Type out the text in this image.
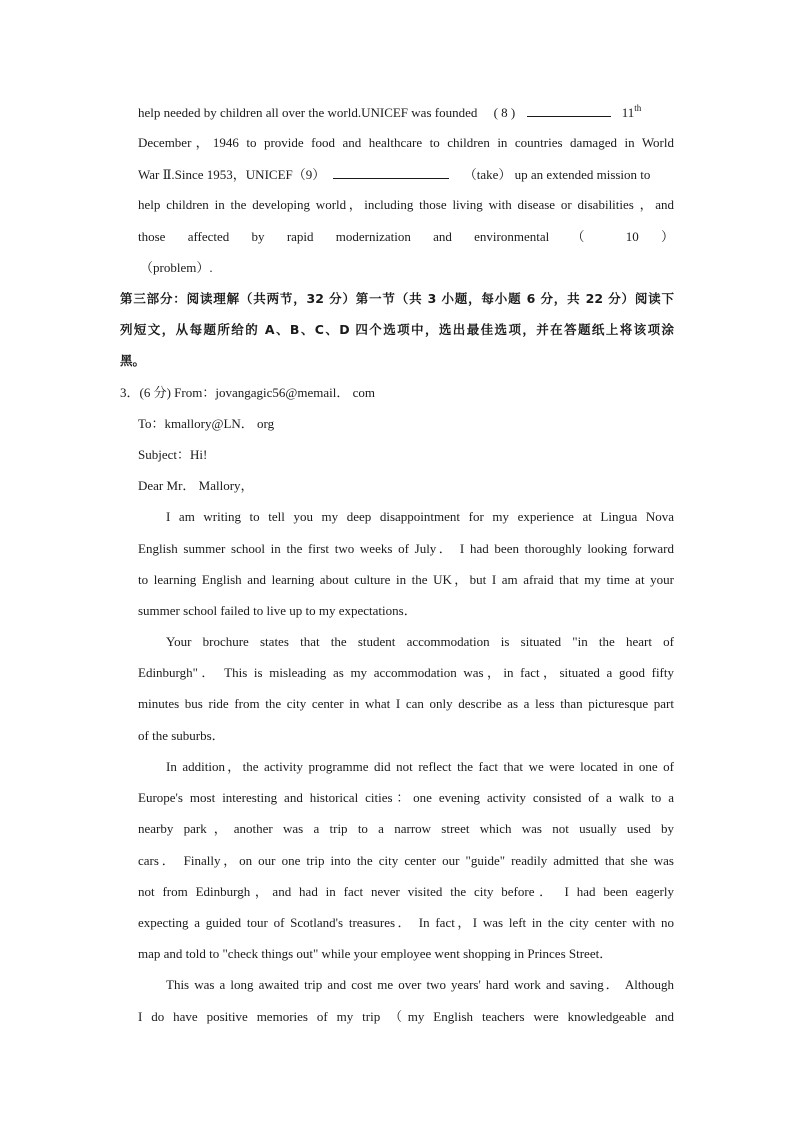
help needed by children all over the world.UNICEF was founded 　( 8 )	11th
December，1946 to provide food and healthcare to children in countries damaged in World
War Ⅱ.Since 1953，UNICEF（9）	（take） up an extended mission to
help children in the developing world，including those living with disease or disabilities ，and
those affected by rapid modernization and environmental （ 10 ）
（problem）.
第三部分：阅读理解（共两节，32 分）第一节（共 3 小题，每小题 6 分，共 22 分）阅读下
列短文，从每题所给的 A、B、C、D 四个选项中，选出最佳选项，并在答题纸上将该项涂
黑。
3．(6 分) From：jovangagic56@memail． com
To：kmallory@LN． org
Subject：Hi!
Dear Mr． Mallory，
I am writing to tell you my deep disappointment for my experience at Lingua Nova
English summer school in the first two weeks of July． I had been thoroughly looking forward
to learning English and learning about culture in the UK，but I am afraid that my time at your
summer school failed to live up to my expectations．
Your brochure states that the student accommodation is situated "in the heart of
Edinburgh"． This is misleading as my accommodation was，in fact，situated a good fifty
minutes bus ride from the city center in what I can only describe as a less than picturesque part
of the suburbs．
In addition，the activity programme did not reflect the fact that we were located in one of
Europe's most interesting and historical cities：one evening activity consisted of a walk to a
nearby park，another was a trip to a narrow street which was not usually used by
cars． Finally，on our one trip into the city center our "guide" readily admitted that she was
not from Edinburgh，and had in fact never visited the city before． I had been eagerly
expecting a guided tour of Scotland's treasures． In fact，I was left in the city center with no
map and told to "check things out" while your employee went shopping in Princes Street．
This was a long awaited trip and cost me over two years' hard work and saving． Although
I do have positive memories of my trip （my English teachers were knowledgeable and
